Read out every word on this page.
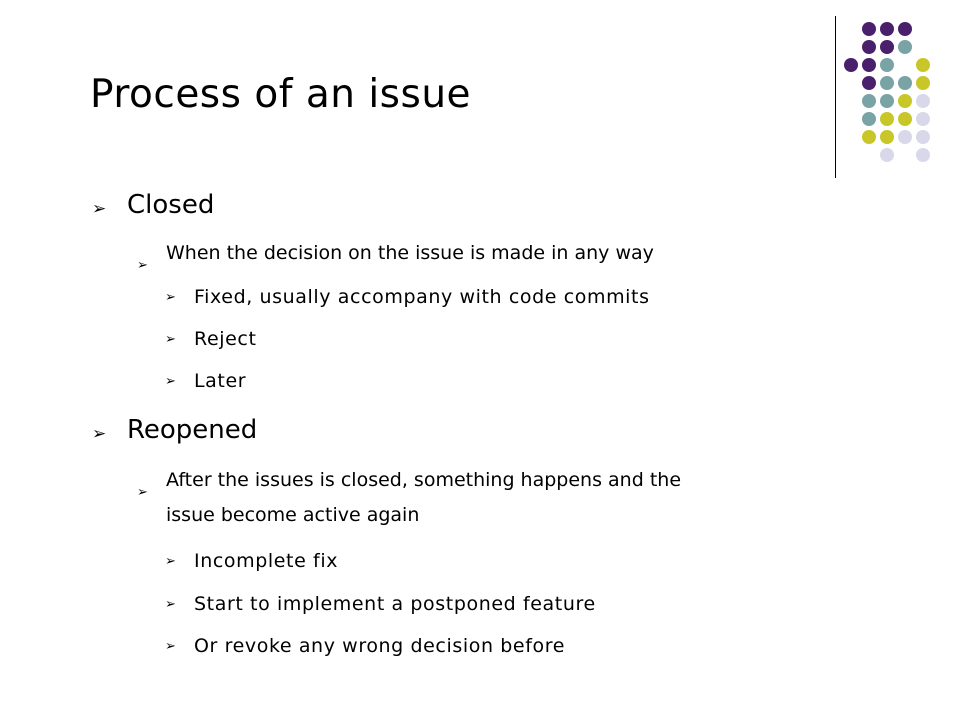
Process of an issue
➢ Closed
➢
When the decision on the issue is made in any way
➢ Fixed, usually accompany with code commits
➢ Reject
➢ Later
➢ Reopened
➢
After the issues is closed, something happens and the
issue become active again
➢ Incomplete fix
➢ Start to implement a postponed feature
➢ Or revoke any wrong decision before
